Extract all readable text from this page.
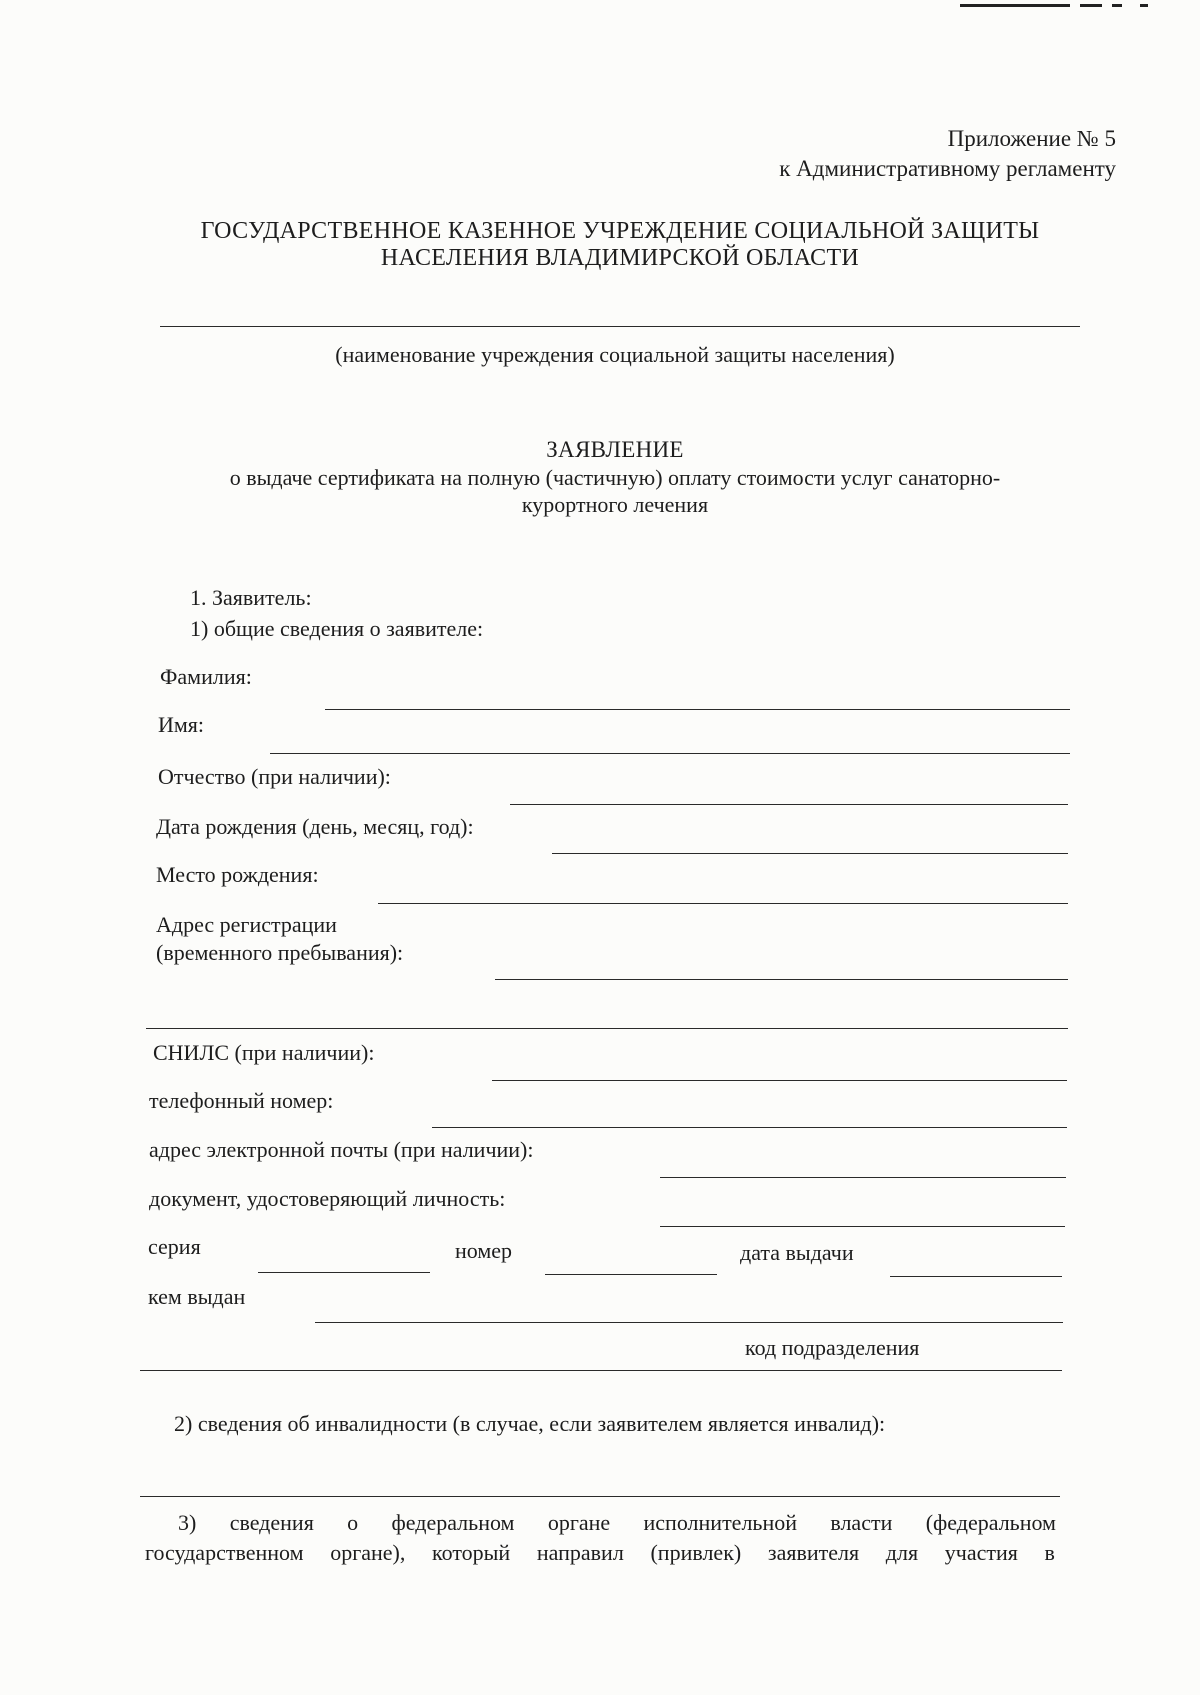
Приложение № 5
к Административному регламенту
ГОСУДАРСТВЕННОЕ КАЗЕННОЕ УЧРЕЖДЕНИЕ СОЦИАЛЬНОЙ ЗАЩИТЫ
НАСЕЛЕНИЯ ВЛАДИМИРСКОЙ ОБЛАСТИ
(наименование учреждения социальной защиты населения)
ЗАЯВЛЕНИЕ
о выдаче сертификата на полную (частичную) оплату стоимости услуг санаторно-
курортного лечения
1. Заявитель:
1) общие сведения о заявителе:
Фамилия:
Имя:
Отчество (при наличии):
Дата рождения (день, месяц, год):
Место рождения:
Адрес регистрации
(временного пребывания):
СНИЛС (при наличии):
телефонный номер:
адрес электронной почты (при наличии):
документ, удостоверяющий личность:
серия	номер	дата выдачи
кем выдан
код подразделения
2) сведения об инвалидности (в случае, если заявителем является инвалид):
3) сведения о федеральном органе исполнительной власти (федеральном
государственном органе), который направил (привлек) заявителя для участия в
